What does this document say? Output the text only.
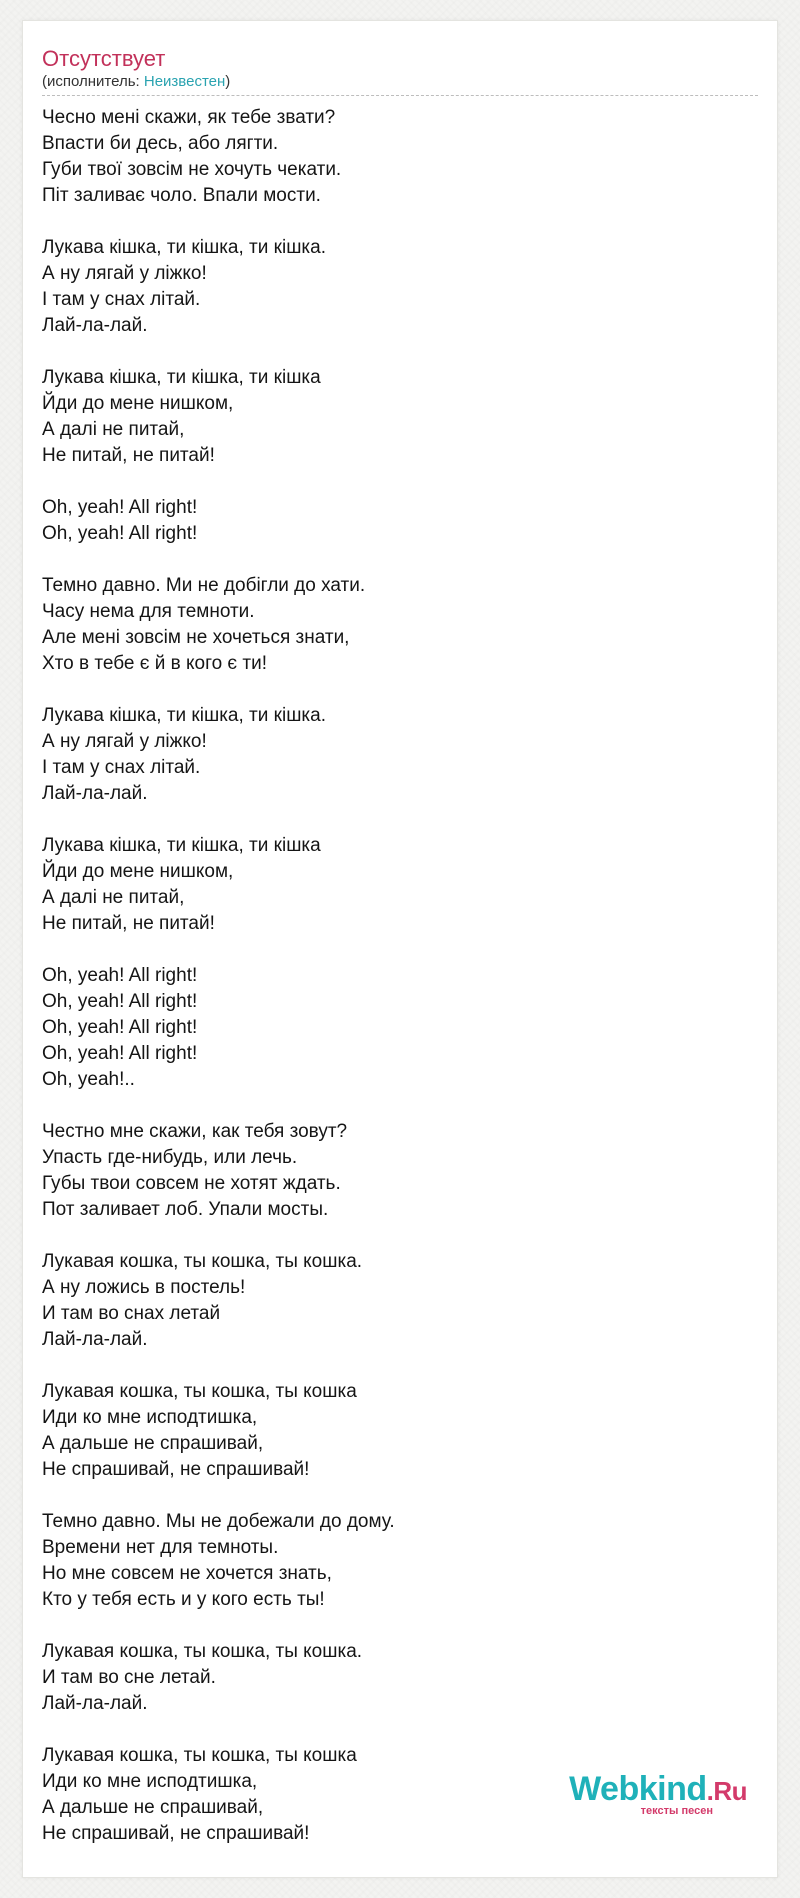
Отсутствует
(исполнитель: Неизвестен)
Чесно мені скажи, як тебе звати?
Впасти би десь, або лягти.
Губи твої зовсім не хочуть чекати.
Піт заливає чоло. Впали мости.
Лукава кішка, ти кішка, ти кішка.
А ну лягай у ліжко!
І там у снах літай.
Лай-ла-лай.
Лукава кішка, ти кішка, ти кішка
Йди до мене нишком,
А далі не питай,
Не питай, не питай!
Oh, yeah! All right!
Oh, yeah! All right!
Темно давно. Ми не добігли до хати.
Часу нема для темноти.
Але мені зовсім не хочеться знати,
Хто в тебе є й в кого є ти!
Лукава кішка, ти кішка, ти кішка.
А ну лягай у ліжко!
І там у снах літай.
Лай-ла-лай.
Лукава кішка, ти кішка, ти кішка
Йди до мене нишком,
А далі не питай,
Не питай, не питай!
Oh, yeah! All right!
Oh, yeah! All right!
Oh, yeah! All right!
Oh, yeah! All right!
Oh, yeah!..
Честно мне скажи, как тебя зовут?
Упасть где-нибудь, или лечь.
Губы твои совсем не хотят ждать.
Пот заливает лоб. Упали мосты.
Лукавая кошка, ты кошка, ты кошка.
А ну ложись в постель!
И там во снах летай
Лай-ла-лай.
Лукавая кошка, ты кошка, ты кошка
Иди ко мне исподтишка,
А дальше не спрашивай,
Не спрашивай, не спрашивай!
Темно давно. Мы не добежали до дому.
Времени нет для темноты.
Но мне совсем не хочется знать,
Кто у тебя есть и у кого есть ты!
Лукавая кошка, ты кошка, ты кошка.
И там во сне летай.
Лай-ла-лай.
Лукавая кошка, ты кошка, ты кошка
Иди ко мне исподтишка,
А дальше не спрашивай,
Не спрашивай, не спрашивай!
Webkind.Ru
тексты песен
